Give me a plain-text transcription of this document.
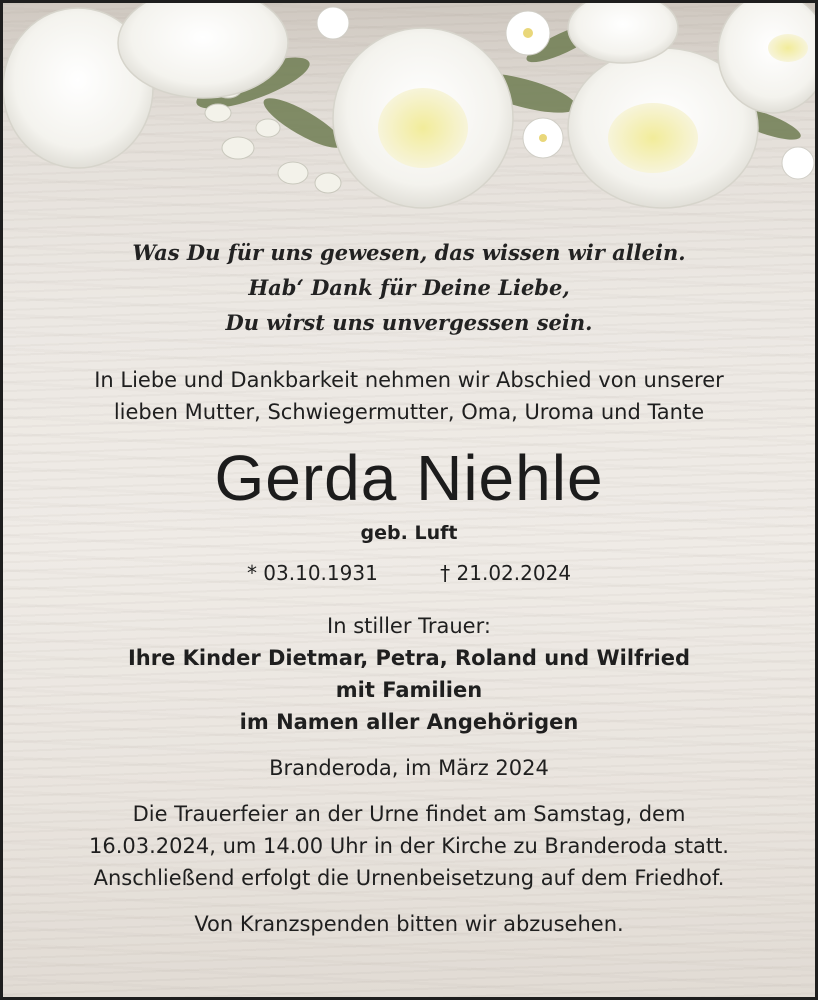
Was Du für uns gewesen, das wissen wir allein.
Hab‘ Dank für Deine Liebe,
Du wirst uns unvergessen sein.
In Liebe und Dankbarkeit nehmen wir Abschied von unserer
lieben Mutter, Schwiegermutter, Oma, Uroma und Tante
Gerda Niehle
geb. Luft
* 03.10.1931	† 21.02.2024
In stiller Trauer:
Ihre Kinder Dietmar, Petra, Roland und Wilfried
mit Familien
im Namen aller Angehörigen
Branderoda, im März 2024
Die Trauerfeier an der Urne findet am Samstag, dem
16.03.2024, um 14.00 Uhr in der Kirche zu Branderoda statt.
Anschließend erfolgt die Urnenbeisetzung auf dem Friedhof.
Von Kranzspenden bitten wir abzusehen.
